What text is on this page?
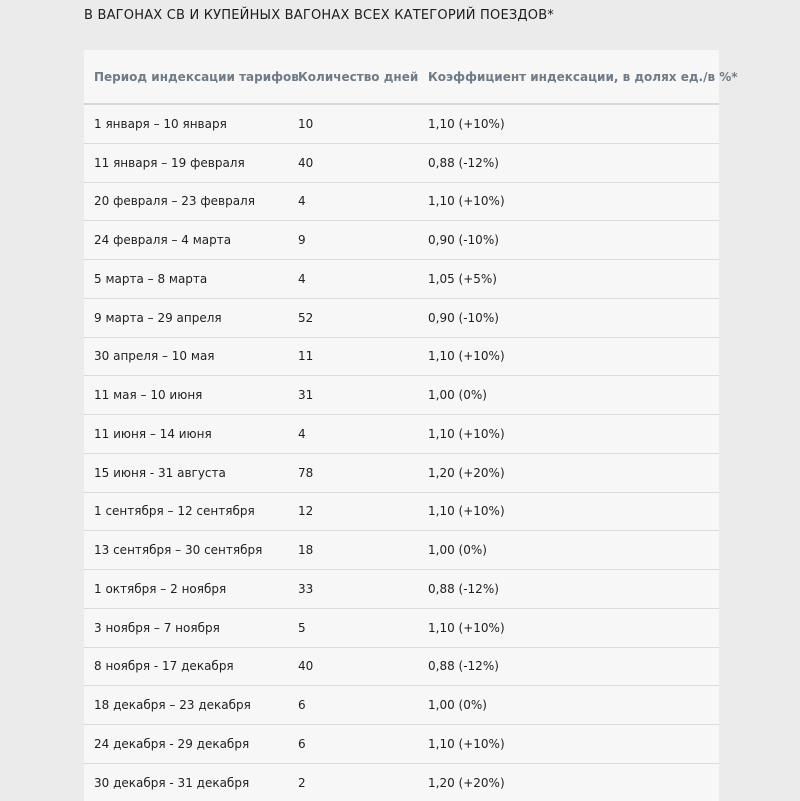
В ВАГОНАХ СВ И КУПЕЙНЫХ ВАГОНАХ ВСЕХ КАТЕГОРИЙ ПОЕЗДОВ*
Период индексации тарифов	Количество дней	Коэффициент индексации, в долях ед./в %*
1 января – 10 января	10	1,10 (+10%)
11 января – 19 февраля	40	0,88 (-12%)
20 февраля – 23 февраля	4	1,10 (+10%)
24 февраля – 4 марта	9	0,90 (-10%)
5 марта – 8 марта	4	1,05 (+5%)
9 марта – 29 апреля	52	0,90 (-10%)
30 апреля – 10 мая	11	1,10 (+10%)
11 мая – 10 июня	31	1,00 (0%)
11 июня – 14 июня	4	1,10 (+10%)
15 июня - 31 августа	78	1,20 (+20%)
1 сентября – 12 сентября	12	1,10 (+10%)
13 сентября – 30 сентября	18	1,00 (0%)
1 октября – 2 ноября	33	0,88 (-12%)
3 ноября – 7 ноября	5	1,10 (+10%)
8 ноября - 17 декабря	40	0,88 (-12%)
18 декабря – 23 декабря	6	1,00 (0%)
24 декабря - 29 декабря	6	1,10 (+10%)
30 декабря - 31 декабря	2	1,20 (+20%)
